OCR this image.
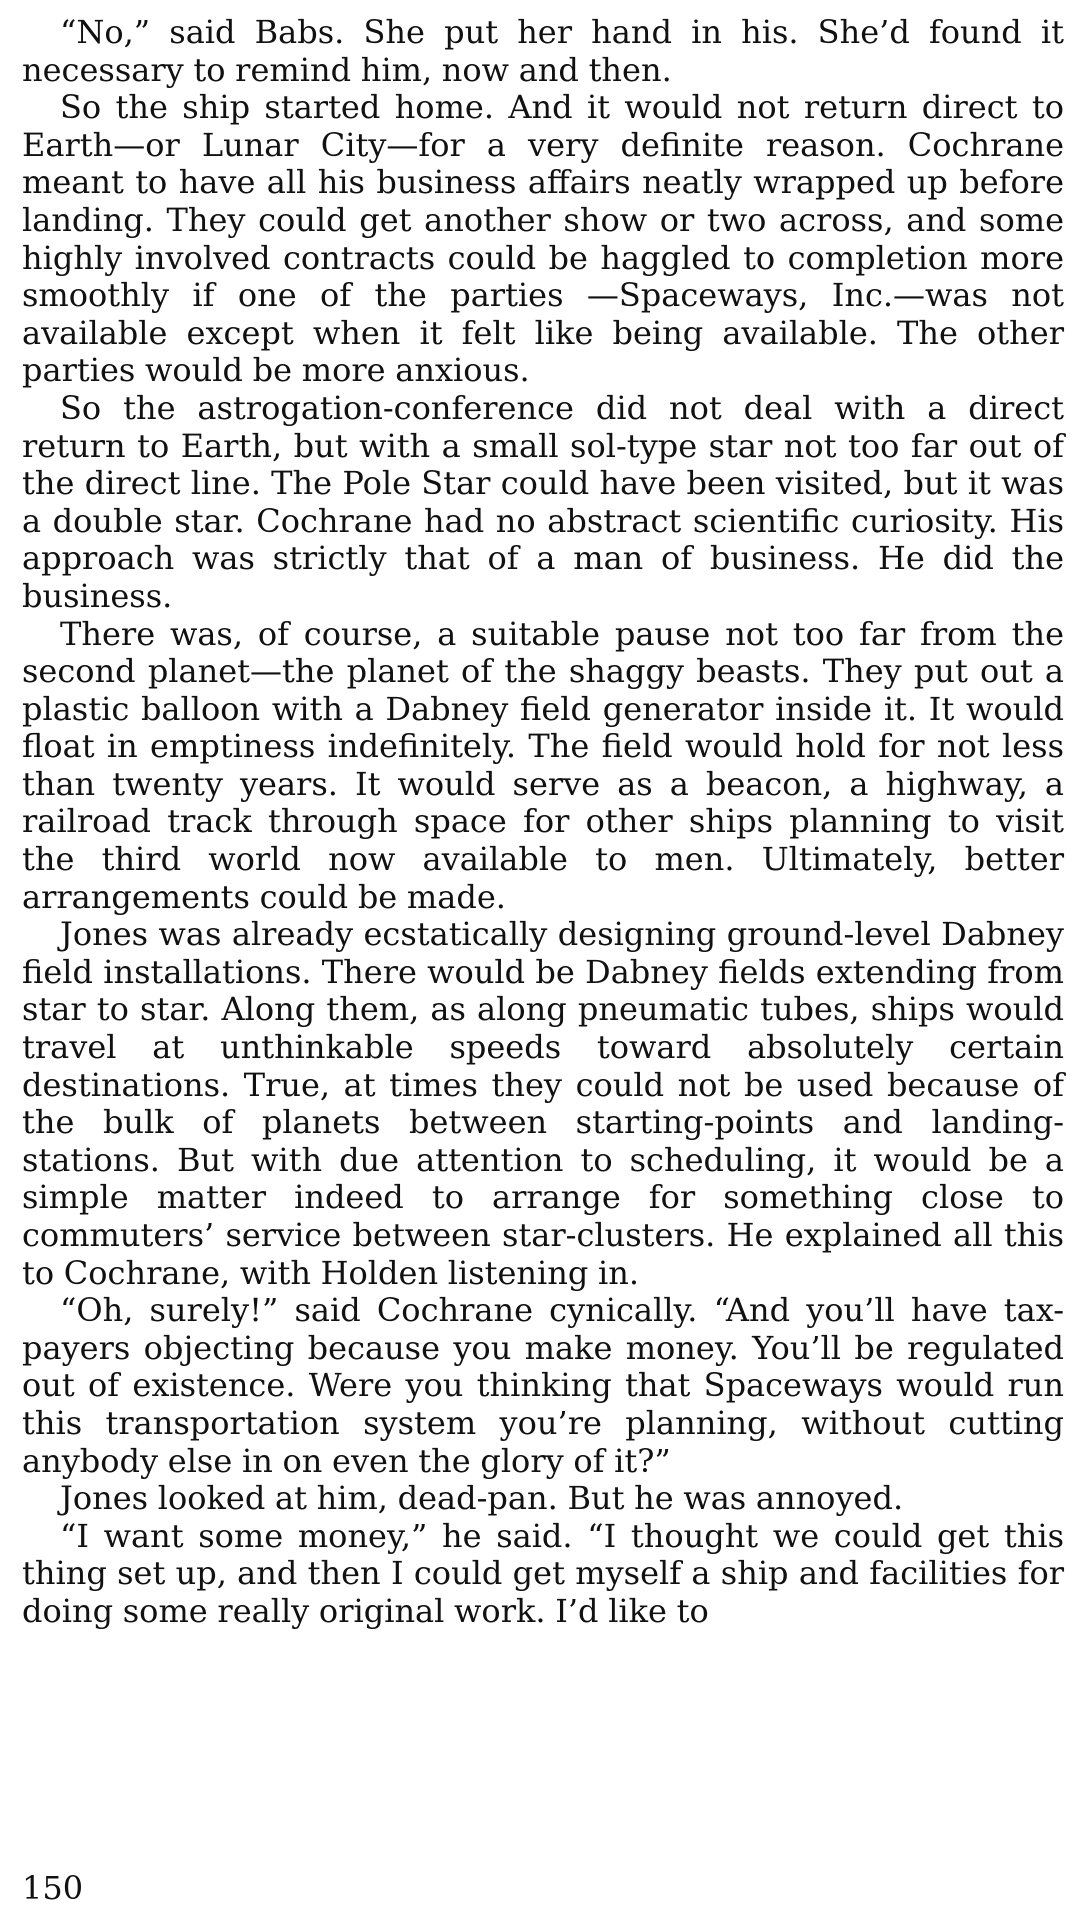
“No,” said Babs. She put her hand in his. She’d found it necessary to remind him, now and then.

So the ship started home. And it would not return direct to Earth—or Lunar City—for a very definite reason. Cochrane meant to have all his business affairs neatly wrapped up before landing. They could get another show or two across, and some highly involved contracts could be haggled to completion more smoothly if one of the parties —Spaceways, Inc.—was not available except when it felt like being available. The other parties would be more anxious.

So the astrogation-conference did not deal with a direct return to Earth, but with a small sol-type star not too far out of the direct line. The Pole Star could have been visited, but it was a double star. Cochrane had no abstract scientific curiosity. His approach was strictly that of a man of business. He did the business.

There was, of course, a suitable pause not too far from the second planet—the planet of the shaggy beasts. They put out a plastic balloon with a Dabney field generator inside it. It would float in emptiness indefinitely. The field would hold for not less than twenty years. It would serve as a beacon, a highway, a railroad track through space for other ships planning to visit the third world now available to men. Ultimately, better arrangements could be made.

Jones was already ecstatically designing ground-level Dabney field installations. There would be Dabney fields extending from star to star. Along them, as along pneumatic tubes, ships would travel at unthinkable speeds toward absolutely certain destinations. True, at times they could not be used because of the bulk of planets between starting-points and landing-stations. But with due attention to scheduling, it would be a simple matter indeed to arrange for something close to commuters’ service between star-clusters. He explained all this to Cochrane, with Holden listening in.

“Oh, surely!” said Cochrane cynically. “And you’ll have tax-payers objecting because you make money. You’ll be regulated out of existence. Were you thinking that Spaceways would run this transportation system you’re planning, without cutting anybody else in on even the glory of it?”

Jones looked at him, dead-pan. But he was annoyed.

“I want some money,” he said. “I thought we could get this thing set up, and then I could get myself a ship and facilities for doing some really original work. I’d like to

150
